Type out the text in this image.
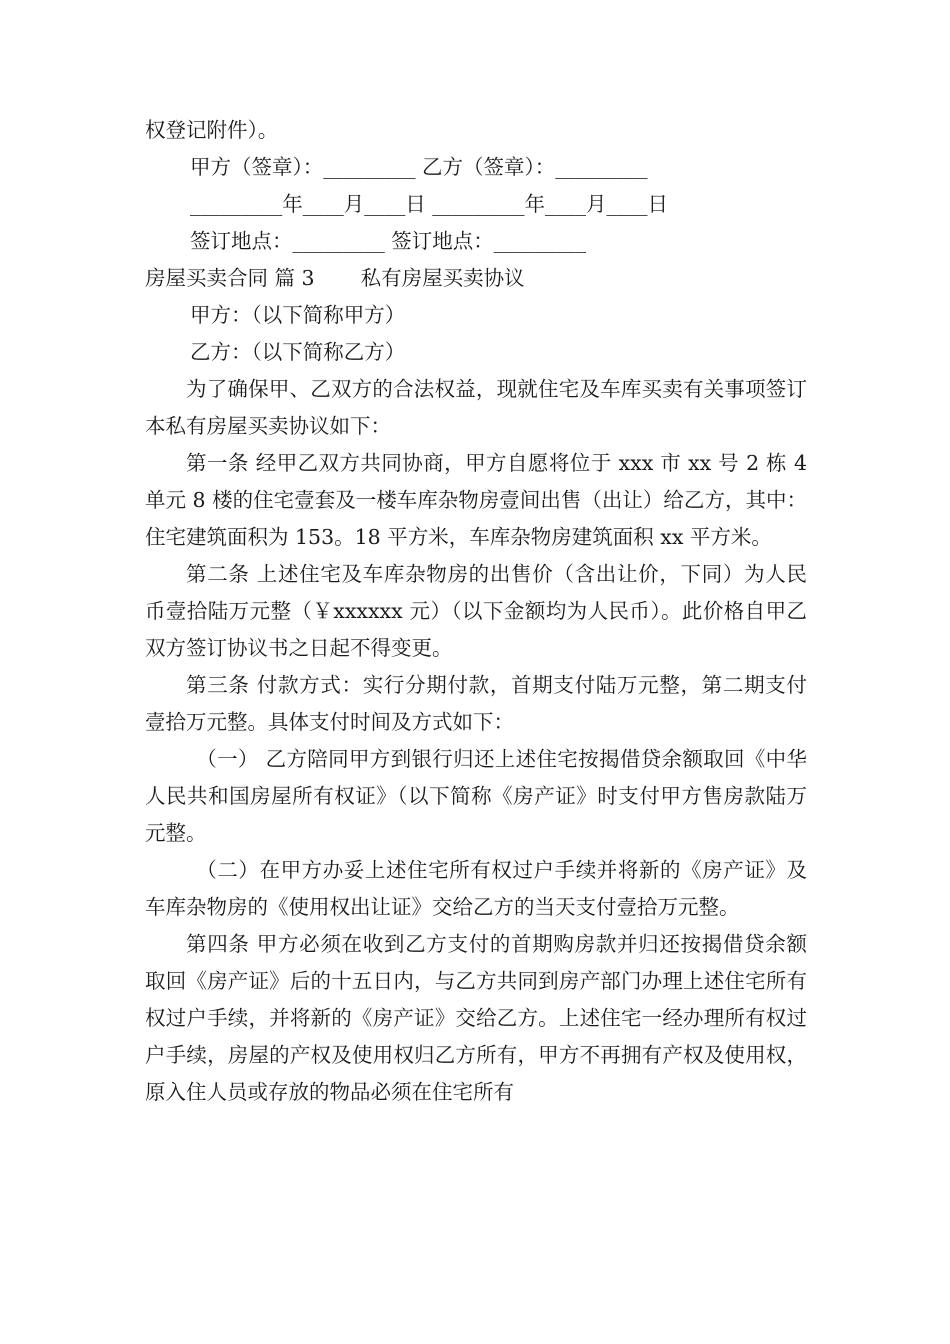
权登记附件）。
甲方（签章）：_________ 乙方（签章）：_________
_________年____月____日 _________年____月____日
签订地点：_________ 签订地点：_________
房屋买卖合同 篇 3 私有房屋买卖协议
甲方：（以下简称甲方）
乙方：（以下简称乙方）

为了确保甲、乙双方的合法权益，现就住宅及车库买卖有关事项签订本私有房屋买卖协议如下：

第一条 经甲乙双方共同协商，甲方自愿将位于 xxx 市 xx 号 2 栋 4 单元 8 楼的住宅壹套及一楼车库杂物房壹间出售（出让）给乙方，其中：住宅建筑面积为 153。18 平方米，车库杂物房建筑面积 xx 平方米。

第二条 上述住宅及车库杂物房的出售价（含出让价，下同）为人民币壹拾陆万元整（￥xxxxxx 元）（以下金额均为人民币）。此价格自甲乙双方签订协议书之日起不得变更。

第三条 付款方式：实行分期付款，首期支付陆万元整，第二期支付壹拾万元整。具体支付时间及方式如下：

（一） 乙方陪同甲方到银行归还上述住宅按揭借贷余额取回《中华人民共和国房屋所有权证》（以下简称《房产证》时支付甲方售房款陆万元整。

（二）在甲方办妥上述住宅所有权过户手续并将新的《房产证》及车库杂物房的《使用权出让证》交给乙方的当天支付壹拾万元整。

第四条 甲方必须在收到乙方支付的首期购房款并归还按揭借贷余额取回《房产证》后的十五日内，与乙方共同到房产部门办理上述住宅所有权过户手续，并将新的《房产证》交给乙方。上述住宅一经办理所有权过户手续，房屋的产权及使用权归乙方所有，甲方不再拥有产权及使用权，原入住人员或存放的物品必须在住宅所有
